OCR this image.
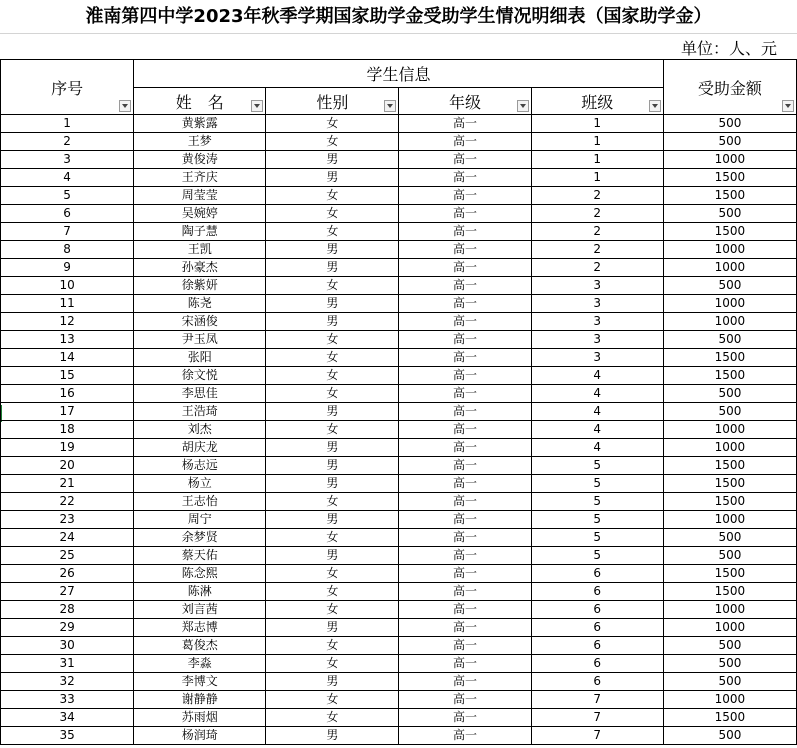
淮南第四中学2023年秋季学期国家助学金受助学生情况明细表（国家助学金）
单位：人、元
序号	学生信息				受助金额

	姓　名	性别	年级	班级	

1	黄紫露	女	高一	1	500
2	王梦	女	高一	1	500
3	黄俊涛	男	高一	1	1000
4	王齐庆	男	高一	1	1500
5	周莹莹	女	高一	2	1500
6	吴婉婷	女	高一	2	500
7	陶子慧	女	高一	2	1500
8	王凯	男	高一	2	1000
9	孙豪杰	男	高一	2	1000
10	徐紫妍	女	高一	3	500
11	陈尧	男	高一	3	1000
12	宋涵俊	男	高一	3	1000
13	尹玉凤	女	高一	3	500
14	张阳	女	高一	3	1500
15	徐文悦	女	高一	4	1500
16	李思佳	女	高一	4	500
17	王浩琦	男	高一	4	500
18	刘杰	女	高一	4	1000
19	胡庆龙	男	高一	4	1000
20	杨志远	男	高一	5	1500
21	杨立	男	高一	5	1500
22	王志怡	女	高一	5	1500
23	周宁	男	高一	5	1000
24	余梦贤	女	高一	5	500
25	蔡天佑	男	高一	5	500
26	陈念熙	女	高一	6	1500
27	陈淋	女	高一	6	1500
28	刘言茜	女	高一	6	1000
29	郑志博	男	高一	6	1000
30	葛俊杰	女	高一	6	500
31	李淼	女	高一	6	500
32	李博文	男	高一	6	500
33	谢静静	女	高一	7	1000
34	苏雨烟	女	高一	7	1500
35	杨润琦	男	高一	7	500
